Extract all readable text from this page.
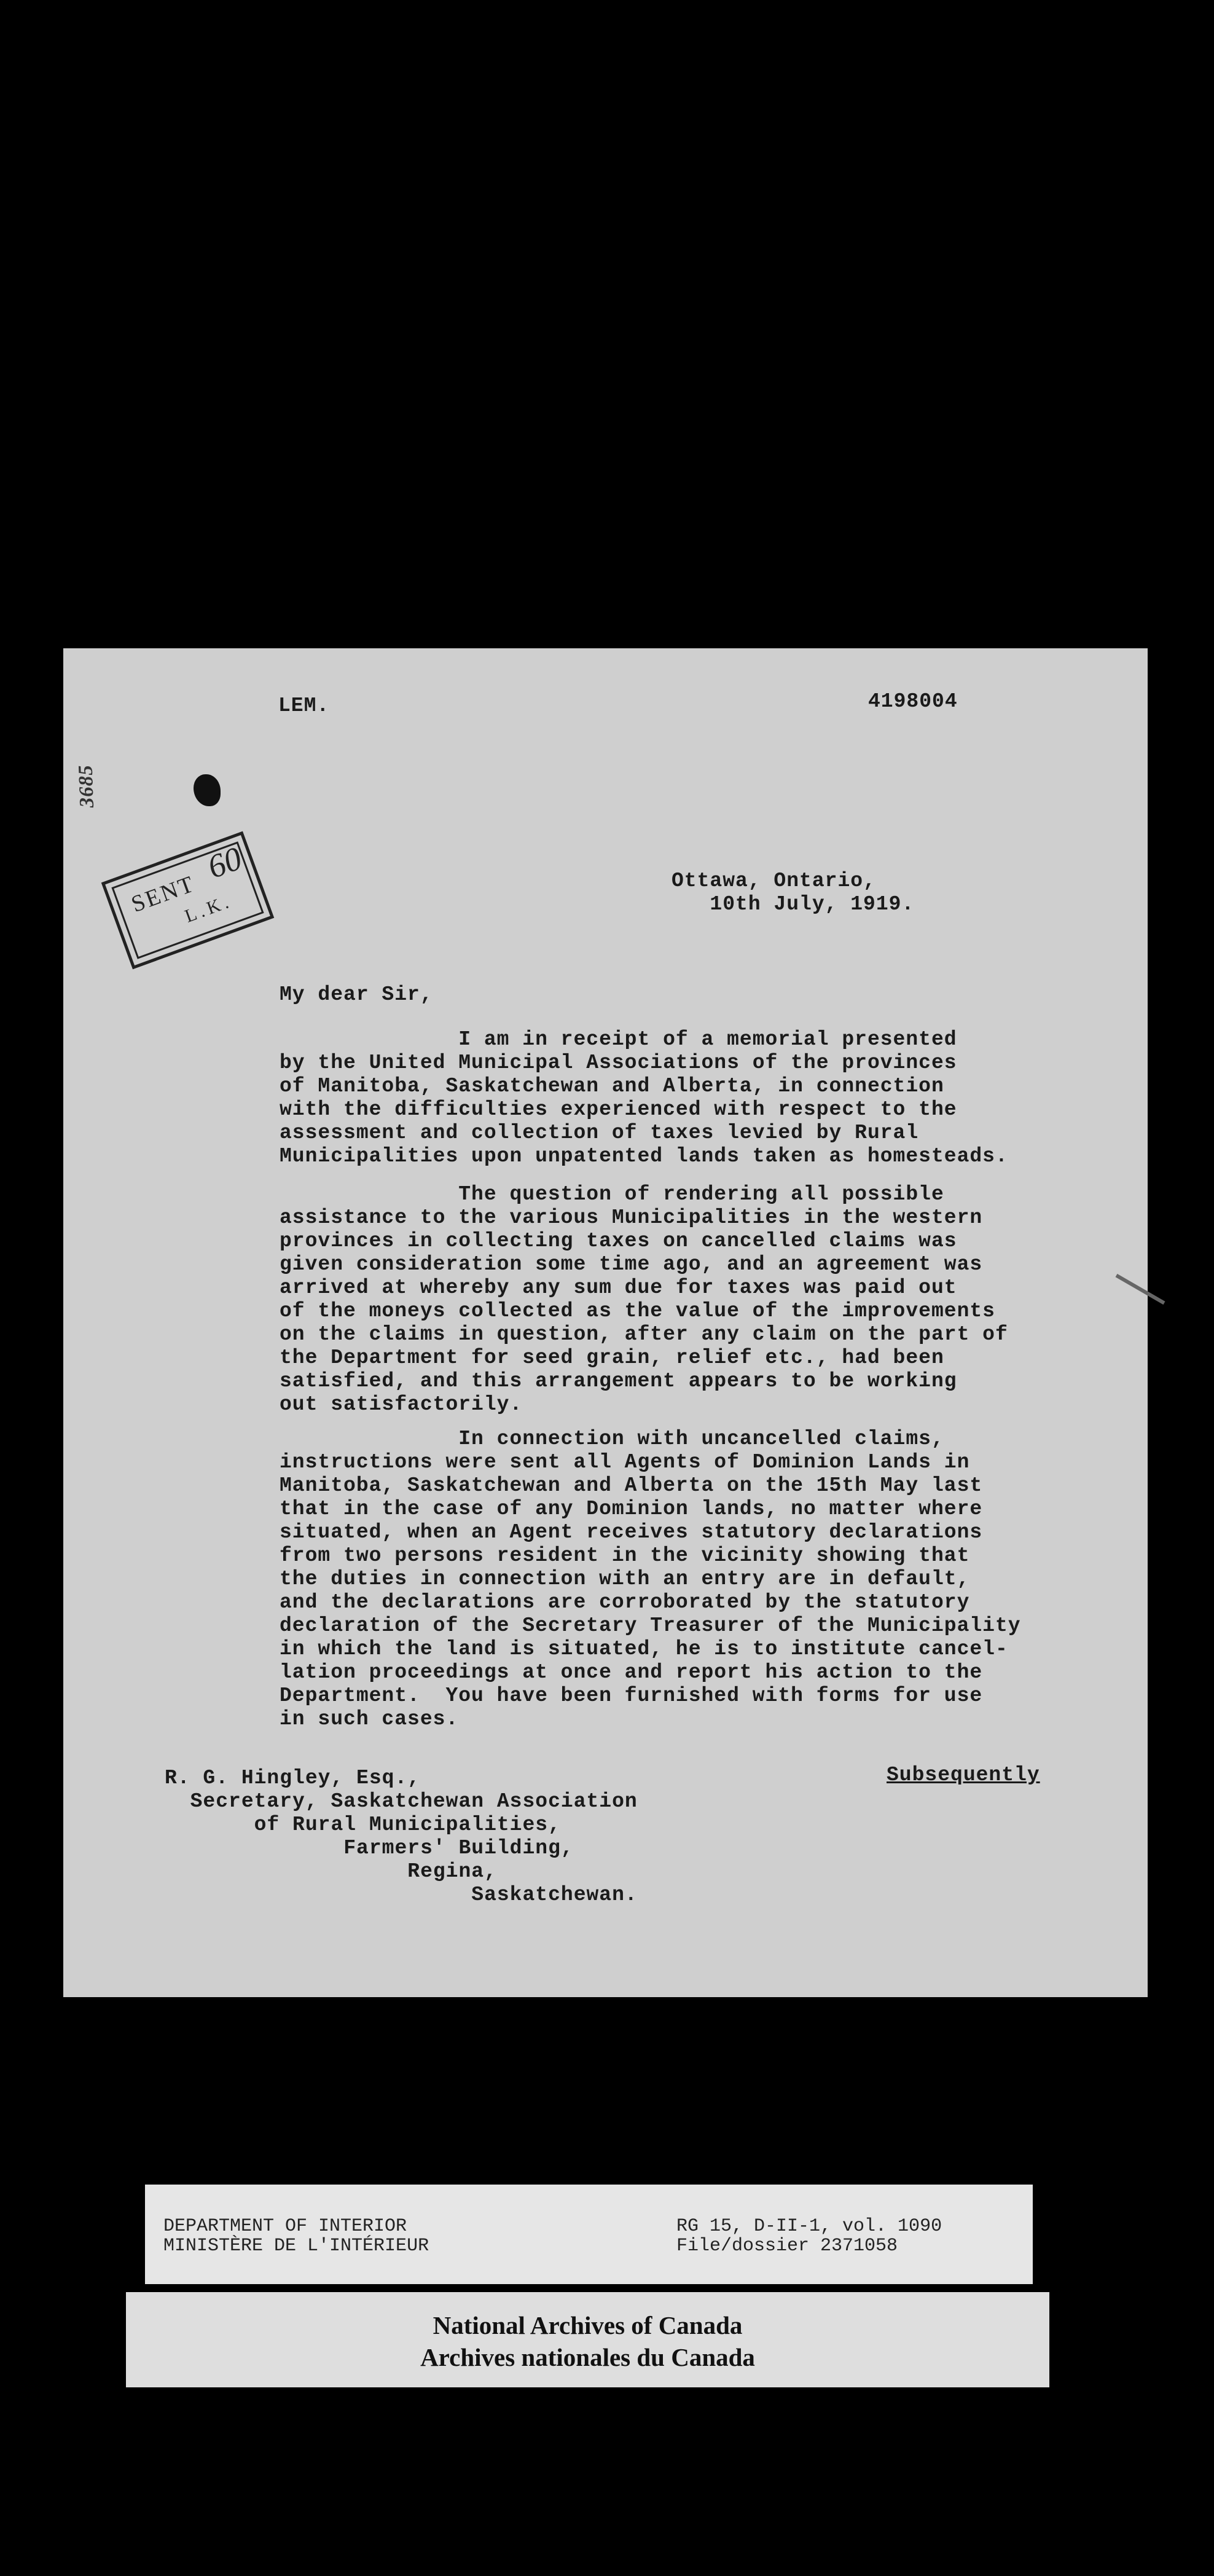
3685
LEM.	4198004
SENT
60
L.K.
Ottawa, Ontario,
10th July, 1919.
My dear Sir,
I am in receipt of a memorial presented
by the United Municipal Associations of the provinces
of Manitoba, Saskatchewan and Alberta, in connection
with the difficulties experienced with respect to the
assessment and collection of taxes levied by Rural
Municipalities upon unpatented lands taken as homesteads.
The question of rendering all possible
assistance to the various Municipalities in the western
provinces in collecting taxes on cancelled claims was
given consideration some time ago, and an agreement was
arrived at whereby any sum due for taxes was paid out
of the moneys collected as the value of the improvements
on the claims in question, after any claim on the part of
the Department for seed grain, relief etc., had been
satisfied, and this arrangement appears to be working
out satisfactorily.
In connection with uncancelled claims,
instructions were sent all Agents of Dominion Lands in
Manitoba, Saskatchewan and Alberta on the 15th May last
that in the case of any Dominion lands, no matter where
situated, when an Agent receives statutory declarations
from two persons resident in the vicinity showing that
the duties in connection with an entry are in default,
and the declarations are corroborated by the statutory
declaration of the Secretary Treasurer of the Municipality
in which the land is situated, he is to institute cancel-
lation proceedings at once and report his action to the
Department.  You have been furnished with forms for use
in such cases.
Subsequently
R. G. Hingley, Esq.,
Secretary, Saskatchewan Association
of Rural Municipalities,
Farmers' Building,
Regina,
Saskatchewan.
DEPARTMENT OF INTERIOR
MINISTÈRE DE L'INTÉRIEUR
RG 15, D-II-1, vol. 1090
File/dossier 2371058
National Archives of Canada
Archives nationales du Canada
